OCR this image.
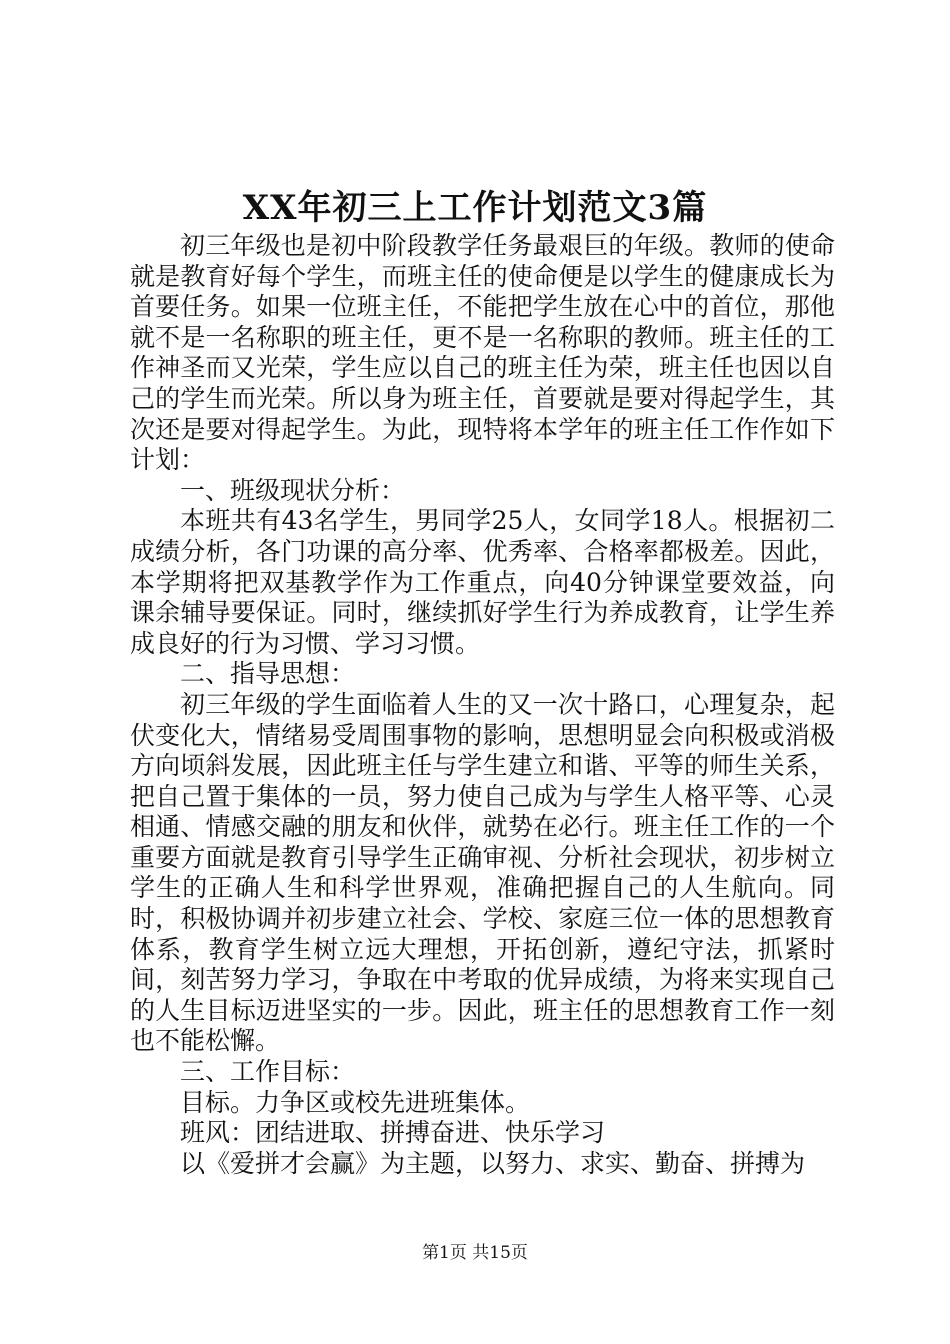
XX年初三上工作计划范文3篇

初三年级也是初中阶段教学任务最艰巨的年级。教师的使命就是教育好每个学生，而班主任的使命便是以学生的健康成长为首要任务。如果一位班主任，不能把学生放在心中的首位，那他就不是一名称职的班主任，更不是一名称职的教师。班主任的工作神圣而又光荣，学生应以自己的班主任为荣，班主任也因以自己的学生而光荣。所以身为班主任，首要就是要对得起学生，其次还是要对得起学生。为此，现特将本学年的班主任工作作如下计划：

一、班级现状分析：

本班共有43名学生，男同学25人，女同学18人。根据初二成绩分析，各门功课的高分率、优秀率、合格率都极差。因此，本学期将把双基教学作为工作重点，向40分钟课堂要效益，向课余辅导要保证。同时，继续抓好学生行为养成教育，让学生养成良好的行为习惯、学习习惯。

二、指导思想：

初三年级的学生面临着人生的又一次十路口，心理复杂，起伏变化大，情绪易受周围事物的影响，思想明显会向积极或消极方向顷斜发展，因此班主任与学生建立和谐、平等的师生关系，把自己置于集体的一员，努力使自己成为与学生人格平等、心灵相通、情感交融的朋友和伙伴，就势在必行。班主任工作的一个重要方面就是教育引导学生正确审视、分析社会现状，初步树立学生的正确人生和科学世界观，准确把握自己的人生航向。同时，积极协调并初步建立社会、学校、家庭三位一体的思想教育体系，教育学生树立远大理想，开拓创新，遵纪守法，抓紧时间，刻苦努力学习，争取在中考取的优异成绩，为将来实现自己的人生目标迈进坚实的一步。因此，班主任的思想教育工作一刻也不能松懈。

三、工作目标：

目标。力争区或校先进班集体。

班风：团结进取、拼搏奋进、快乐学习

以《爱拼才会赢》为主题，以努力、求实、勤奋、拼搏为

第1页 共15页
